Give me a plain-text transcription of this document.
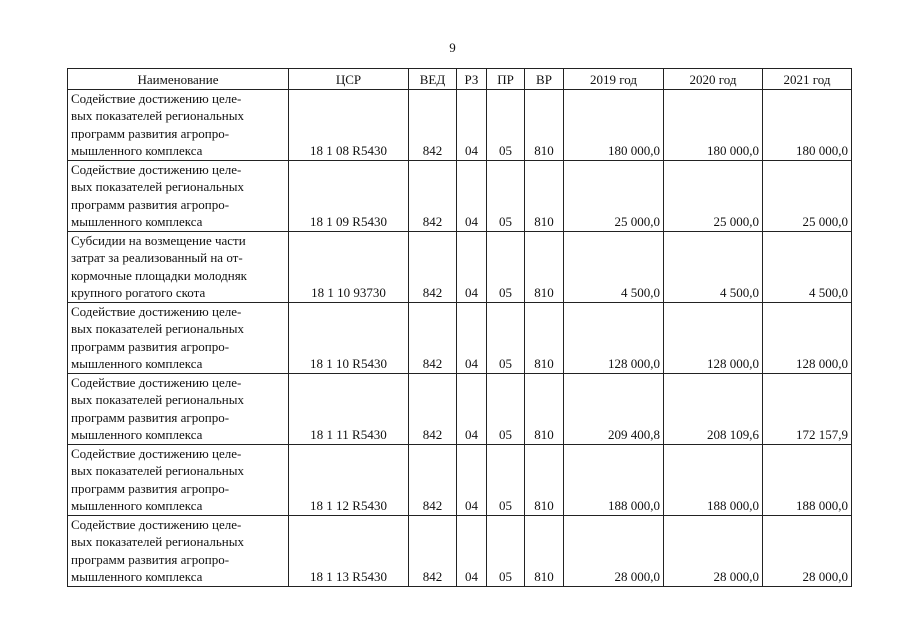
9
Наименование	ЦСР	ВЕД	РЗ	ПР	ВР	2019 год	2020 год	2021 год

Содействие достижению целе-
вых показателей региональных
программ развития агропро-
мышленного комплекса	18 1 08 R5430	842	04	05	810	180 000,0	180 000,0	180 000,0

Содействие достижению целе-
вых показателей региональных
программ развития агропро-
мышленного комплекса	18 1 09 R5430	842	04	05	810	25 000,0	25 000,0	25 000,0

Субсидии на возмещение части
затрат за реализованный на от-
кормочные площадки молодняк
крупного рогатого скота	18 1 10 93730	842	04	05	810	4 500,0	4 500,0	4 500,0

Содействие достижению целе-
вых показателей региональных
программ развития агропро-
мышленного комплекса	18 1 10 R5430	842	04	05	810	128 000,0	128 000,0	128 000,0

Содействие достижению целе-
вых показателей региональных
программ развития агропро-
мышленного комплекса	18 1 11 R5430	842	04	05	810	209 400,8	208 109,6	172 157,9

Содействие достижению целе-
вых показателей региональных
программ развития агропро-
мышленного комплекса	18 1 12 R5430	842	04	05	810	188 000,0	188 000,0	188 000,0

Содействие достижению целе-
вых показателей региональных
программ развития агропро-
мышленного комплекса	18 1 13 R5430	842	04	05	810	28 000,0	28 000,0	28 000,0
